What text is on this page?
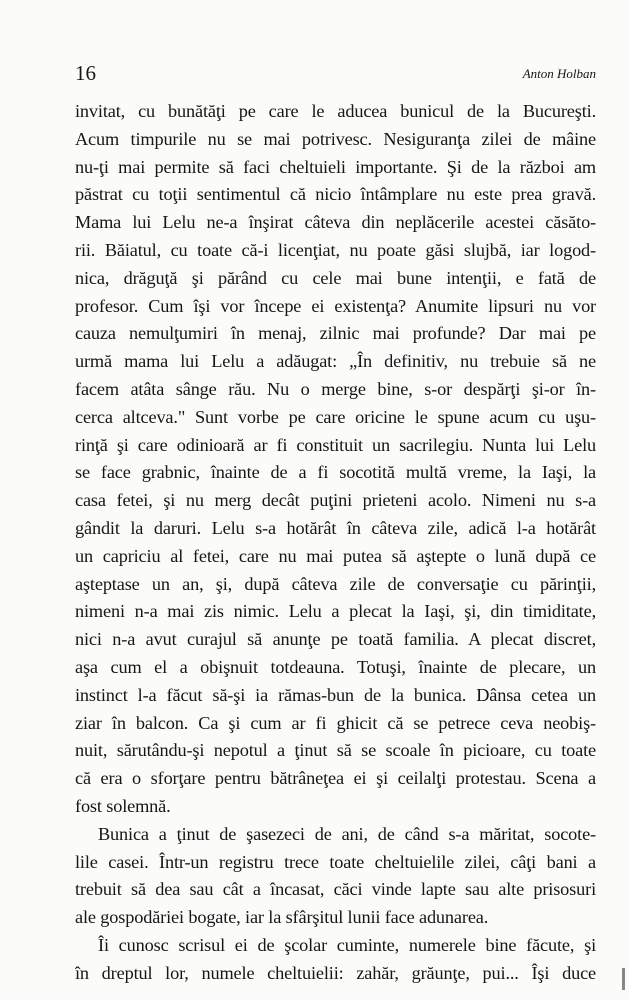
16	Anton Holban

invitat, cu bunătăţi pe care le aducea bunicul de la Bucureşti.
Acum timpurile nu se mai potrivesc. Nesiguranţa zilei de mâine
nu-ţi mai permite să faci cheltuieli importante. Şi de la război am
păstrat cu toţii sentimentul că nicio întâmplare nu este prea gravă.
Mama lui Lelu ne-a înşirat câteva din neplăcerile acestei căsăto-
rii. Băiatul, cu toate că-i licenţiat, nu poate găsi slujbă, iar logod-
nica, drăguţă şi părând cu cele mai bune intenţii, e fată de
profesor. Cum îşi vor începe ei existenţa? Anumite lipsuri nu vor
cauza nemulţumiri în menaj, zilnic mai profunde? Dar mai pe
urmă mama lui Lelu a adăugat: „În definitiv, nu trebuie să ne
facem atâta sânge rău. Nu o merge bine, s-or despărţi şi-or în-
cerca altceva." Sunt vorbe pe care oricine le spune acum cu uşu-
rinţă şi care odinioară ar fi constituit un sacrilegiu. Nunta lui Lelu
se face grabnic, înainte de a fi socotită multă vreme, la Iaşi, la
casa fetei, şi nu merg decât puţini prieteni acolo. Nimeni nu s-a
gândit la daruri. Lelu s-a hotărât în câteva zile, adică l-a hotărât
un capriciu al fetei, care nu mai putea să aştepte o lună după ce
aşteptase un an, şi, după câteva zile de conversaţie cu părinţii,
nimeni n-a mai zis nimic. Lelu a plecat la Iaşi, şi, din timiditate,
nici n-a avut curajul să anunţe pe toată familia. A plecat discret,
aşa cum el a obişnuit totdeauna. Totuşi, înainte de plecare, un
instinct l-a făcut să-şi ia rămas-bun de la bunica. Dânsa cetea un
ziar în balcon. Ca şi cum ar fi ghicit că se petrece ceva neobiş-
nuit, sărutându-şi nepotul a ţinut să se scoale în picioare, cu toate
că era o sforţare pentru bătrâneţea ei şi ceilalţi protestau. Scena a
fost solemnă.

Bunica a ţinut de şasezeci de ani, de când s-a măritat, socote-
lile casei. Într-un registru trece toate cheltuielile zilei, câţi bani a
trebuit să dea sau cât a încasat, căci vinde lapte sau alte prisosuri
ale gospodăriei bogate, iar la sfârşitul lunii face adunarea.

Îi cunosc scrisul ei de şcolar cuminte, numerele bine făcute, şi
în dreptul lor, numele cheltuielii: zahăr, grăunţe, pui... Îşi duce
